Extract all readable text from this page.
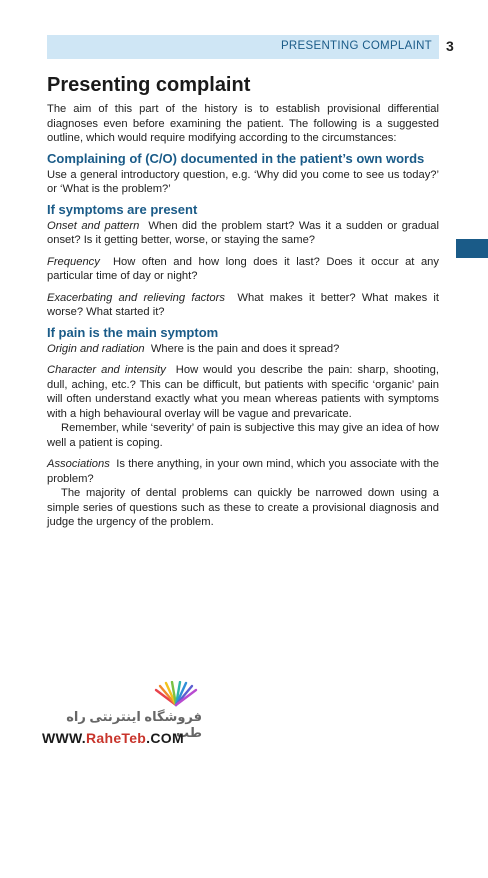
PRESENTING COMPLAINT 3
Presenting complaint

The aim of this part of the history is to establish provisional differential diagnoses even before examining the patient. The following is a suggested outline, which would require modifying according to the circumstances:

Complaining of (C/O) documented in the patient’s own words

Use a general introductory question, e.g. ‘Why did you come to see us today?’ or ‘What is the problem?’

If symptoms are present

Onset and pattern When did the problem start? Was it a sudden or gradual onset? Is it getting better, worse, or staying the same?

Frequency How often and how long does it last? Does it occur at any particular time of day or night?

Exacerbating and relieving factors What makes it better? What makes it worse? What started it?

If pain is the main symptom

Origin and radiation Where is the pain and does it spread?

Character and intensity How would you describe the pain: sharp, shooting, dull, aching, etc.? This can be difficult, but patients with specific ‘organic’ pain will often understand exactly what you mean whereas patients with symptoms with a high behavioural overlay will be vague and prevaricate.

Remember, while ‘severity’ of pain is subjective this may give an idea of how well a patient is coping.

Associations Is there anything, in your own mind, which you associate with the problem?

The majority of dental problems can quickly be narrowed down using a simple series of questions such as these to create a provisional diagnosis and judge the urgency of the problem.

فروشگاه اینترنتی راه طب
WWW.RaheTeb.COM
